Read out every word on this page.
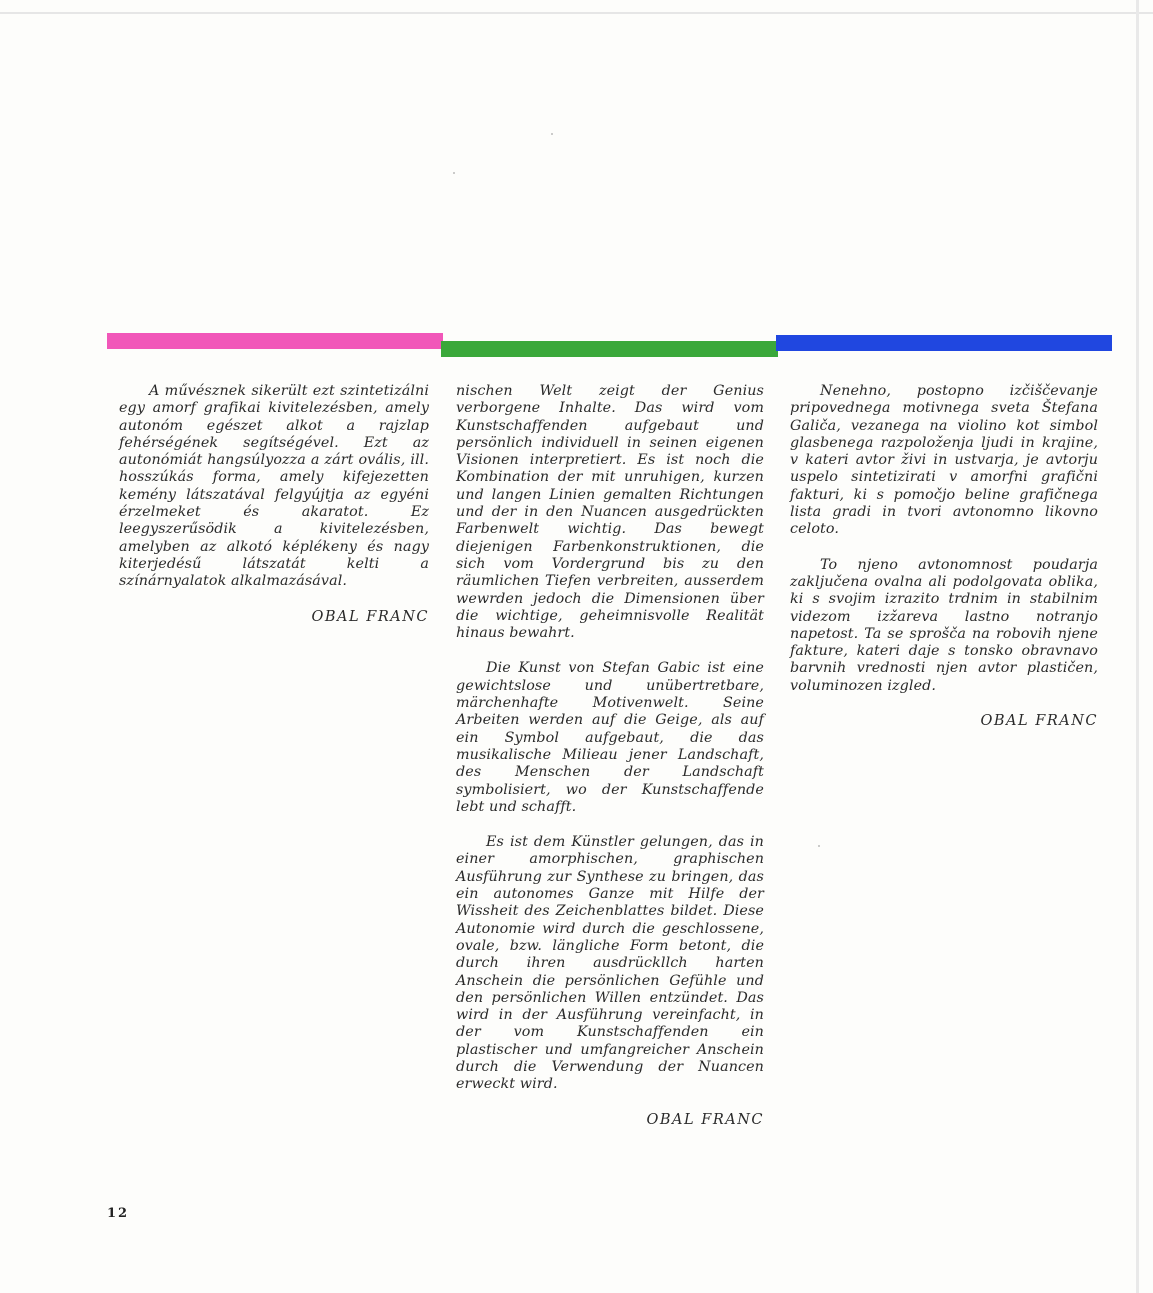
A művésznek sikerült ezt szintetizálni egy amorf grafikai kivitelezésben, amely autonóm egészet alkot a rajzlap fehérségének segítségével. Ezt az autonómiát hangsúlyozza a zárt ovális, ill. hosszúkás forma, amely kifejezetten kemény látszatával felgyújtja az egyéni érzelmeket és akaratot. Ez leegyszerűsödik a kivitelezésben, amelyben az alkotó képlékeny és nagy kiterjedésű látszatát kelti a színárnyalatok alkalmazásával.

OBAL FRANC

nischen Welt zeigt der Genius verborgene Inhalte. Das wird vom Kunstschaffenden aufgebaut und persönlich individuell in seinen eigenen Visionen interpretiert. Es ist noch die Kombination der mit unruhigen, kurzen und langen Linien gemalten Richtungen und der in den Nuancen ausgedrückten Farbenwelt wichtig. Das bewegt diejenigen Farbenkonstruktionen, die sich vom Vordergrund bis zu den räumlichen Tiefen verbreiten, ausserdem wewrden jedoch die Dimensionen über die wichtige, geheimnisvolle Realität hinaus bewahrt.

Die Kunst von Stefan Gabic ist eine gewichtslose und unübertretbare, märchenhafte Motivenwelt. Seine Arbeiten werden auf die Geige, als auf ein Symbol aufgebaut, die das musikalische Milieau jener Landschaft, des Menschen der Landschaft symbolisiert, wo der Kunstschaffende lebt und schafft.

Es ist dem Künstler gelungen, das in einer amorphischen, graphischen Ausführung zur Synthese zu bringen, das ein autonomes Ganze mit Hilfe der Wissheit des Zeichenblattes bildet. Diese Autonomie wird durch die geschlossene, ovale, bzw. längliche Form betont, die durch ihren ausdrückllch harten Anschein die persönlichen Gefühle und den persönlichen Willen entzündet. Das wird in der Ausführung vereinfacht, in der vom Kunstschaffenden ein plastischer und umfangreicher Anschein durch die Verwendung der Nuancen erweckt wird.

OBAL FRANC

Nenehno, postopno izčiščevanje pripovednega motivnega sveta Štefana Galiča, vezanega na violino kot simbol glasbenega razpoloženja ljudi in krajine, v kateri avtor živi in ustvarja, je avtorju uspelo sintetizirati v amorfni grafični fakturi, ki s pomočjo beline grafičnega lista gradi in tvori avtonomno likovno celoto.

To njeno avtonomnost poudarja zaključena ovalna ali podolgovata oblika, ki s svojim izrazito trdnim in stabilnim videzom izžareva lastno notranjo napetost. Ta se sprošča na robovih njene fakture, kateri daje s tonsko obravnavo barvnih vrednosti njen avtor plastičen, voluminozen izgled.

OBAL FRANC
12
